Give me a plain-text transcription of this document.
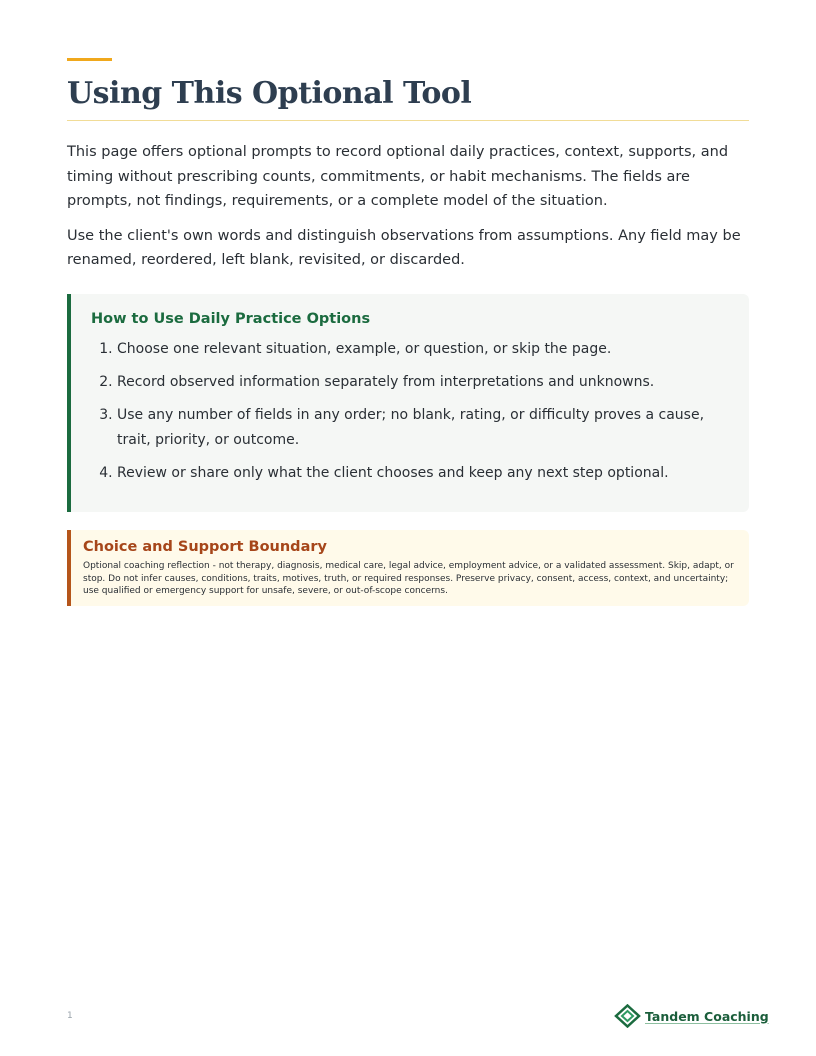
Using This Optional Tool

This page offers optional prompts to record optional daily practices, context, supports, and timing without prescribing counts, commitments, or habit mechanisms. The fields are prompts, not findings, requirements, or a complete model of the situation.

Use the client's own words and distinguish observations from assumptions. Any field may be renamed, reordered, left blank, revisited, or discarded.

How to Use Daily Practice Options
1. Choose one relevant situation, example, or question, or skip the page.
2. Record observed information separately from interpretations and unknowns.
3. Use any number of fields in any order; no blank, rating, or difficulty proves a cause, trait, priority, or outcome.
4. Review or share only what the client chooses and keep any next step optional.
Choice and Support Boundary

Optional coaching reflection - not therapy, diagnosis, medical care, legal advice, employment advice, or a validated assessment. Skip, adapt, or stop. Do not infer causes, conditions, traits, motives, truth, or required responses. Preserve privacy, consent, access, context, and uncertainty; use qualified or emergency support for unsafe, severe, or out-of-scope concerns.

1	Tandem Coaching
